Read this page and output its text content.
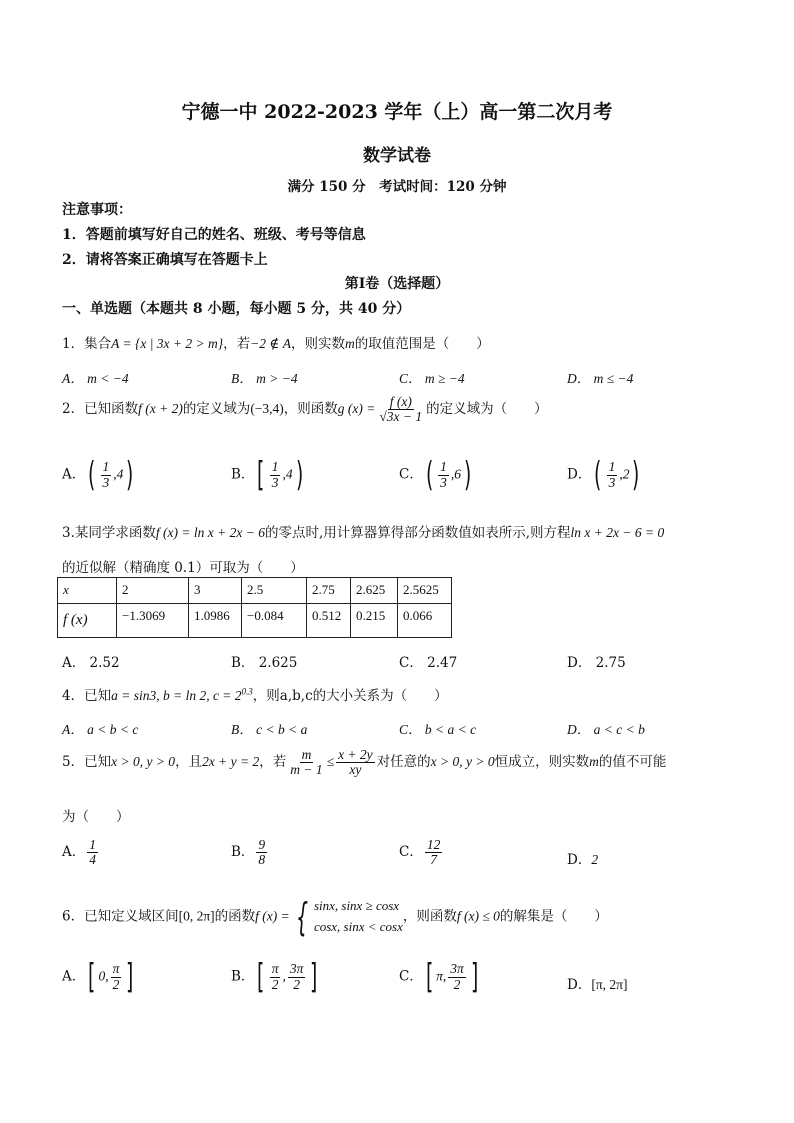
宁德一中 2022-2023 学年（上）高一第二次月考
数学试卷
满分 150 分　考试时间：120 分钟
注意事项：
1．答题前填写好自己的姓名、班级、考号等信息
2．请将答案正确填写在答题卡上
第Ⅰ卷（选择题）
一、单选题（本题共 8 小题，每小题 5 分，共 40 分）
1．集合A = {x | 3x + 2 > m}，若−2 ∉ A，则实数m的取值范围是（　　）
A． m < −4	B． m > −4	C． m ≥ −4	D． m ≤ −4
2．已知函数f (x + 2)的定义域为(−3,4)，则函数g $(x) = \frac{f (x)}{√3x - 1}$ 的定义域为（　　）
A．( $\frac{1}{3} ,4$)	B．[ $\frac{1}{3} ,4$)	C．( $\frac{1}{3} ,6$)	D．( $\frac{1}{3} ,2$)
3.某同学求函数f (x) = ln x + 2x − 6的零点时,用计算器算得部分函数值如表所示,则方程ln x + 2x − 6 = 0
的近似解（精确度 0.1）可取为（　　）
x	2	3	2.5	2.75	2.625	2.5625
f (x)	−1.3069	1.0986	−0.084	0.512	0.215	0.066
A． 2.52	B． 2.625	C． 2.47	D． 2.75
4．已知a = sin3, b = ln 2, $c = 2^{0.3}$，则a,b,c的大小关系为（　　）
A． a < b < c	B． c < b < a	C． b < a < c	D． a < c < b
5．已知x > 0, y > 0，且2x + y = 2，若 $\frac{m}{m - 1} \le \frac{x + 2y}{xy}$ 对任意的x > 0, y > 0恒成立，则实数m的值不可能
为（　　）
A． $\frac{1}{4}$	B． $\frac{9}{8}$	C． $\frac{12}{7}$	D．2
6．已知定义域区间[0, 2π]的函数f (x) = { sinx, sinx ≥ cosx
cosx, sinx < cosx
，则函数f (x) ≤ 0的解集是（　　）
A．[ 0, $\frac{\pi}{2}$ ]	B．[ $\frac{\pi}{2}$ , $\frac{3\pi}{2}$ ]	C．[ π, $\frac{3\pi}{2}$ ]	D．[π, 2π]
